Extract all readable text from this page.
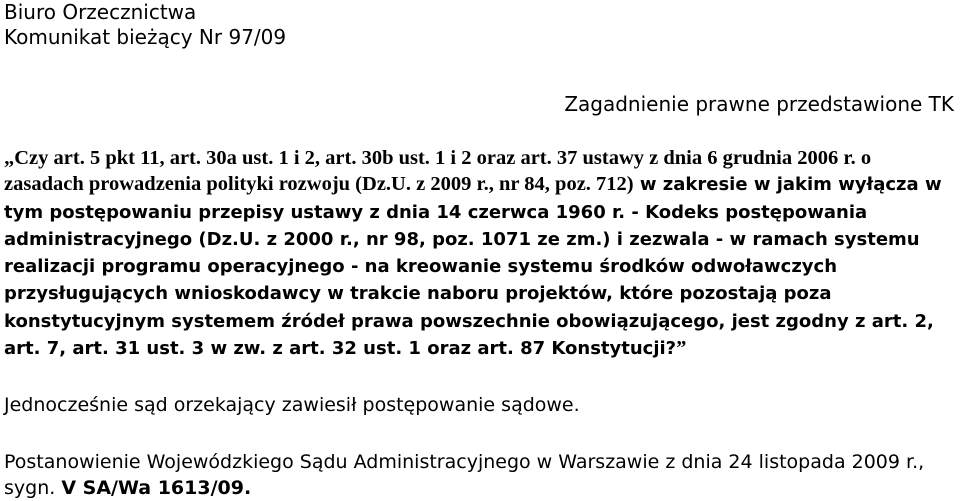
Biuro Orzecznictwa
Komunikat bieżący Nr 97/09
Zagadnienie prawne przedstawione TK
„Czy art. 5 pkt 11, art. 30a ust. 1 i 2, art. 30b ust. 1 i 2 oraz art. 37 ustawy z dnia 6 grudnia 2006 r. o zasadach prowadzenia polityki rozwoju (Dz.U. z 2009 r., nr 84, poz. 712) w zakresie w jakim wyłącza w tym postępowaniu przepisy ustawy z dnia 14 czerwca 1960 r. - Kodeks postępowania administracyjnego (Dz.U. z 2000 r., nr 98, poz. 1071 ze zm.) i zezwala - w ramach systemu realizacji programu operacyjnego - na kreowanie systemu środków odwoławczych przysługujących wnioskodawcy w trakcie naboru projektów, które pozostają poza konstytucyjnym systemem źródeł prawa powszechnie obowiązującego, jest zgodny z art. 2, art. 7, art. 31 ust. 3 w zw. z art. 32 ust. 1 oraz art. 87 Konstytucji?”
Jednocześnie sąd orzekający zawiesił postępowanie sądowe.
Postanowienie Wojewódzkiego Sądu Administracyjnego w Warszawie z dnia 24 listopada 2009 r., sygn. V SA/Wa 1613/09.
